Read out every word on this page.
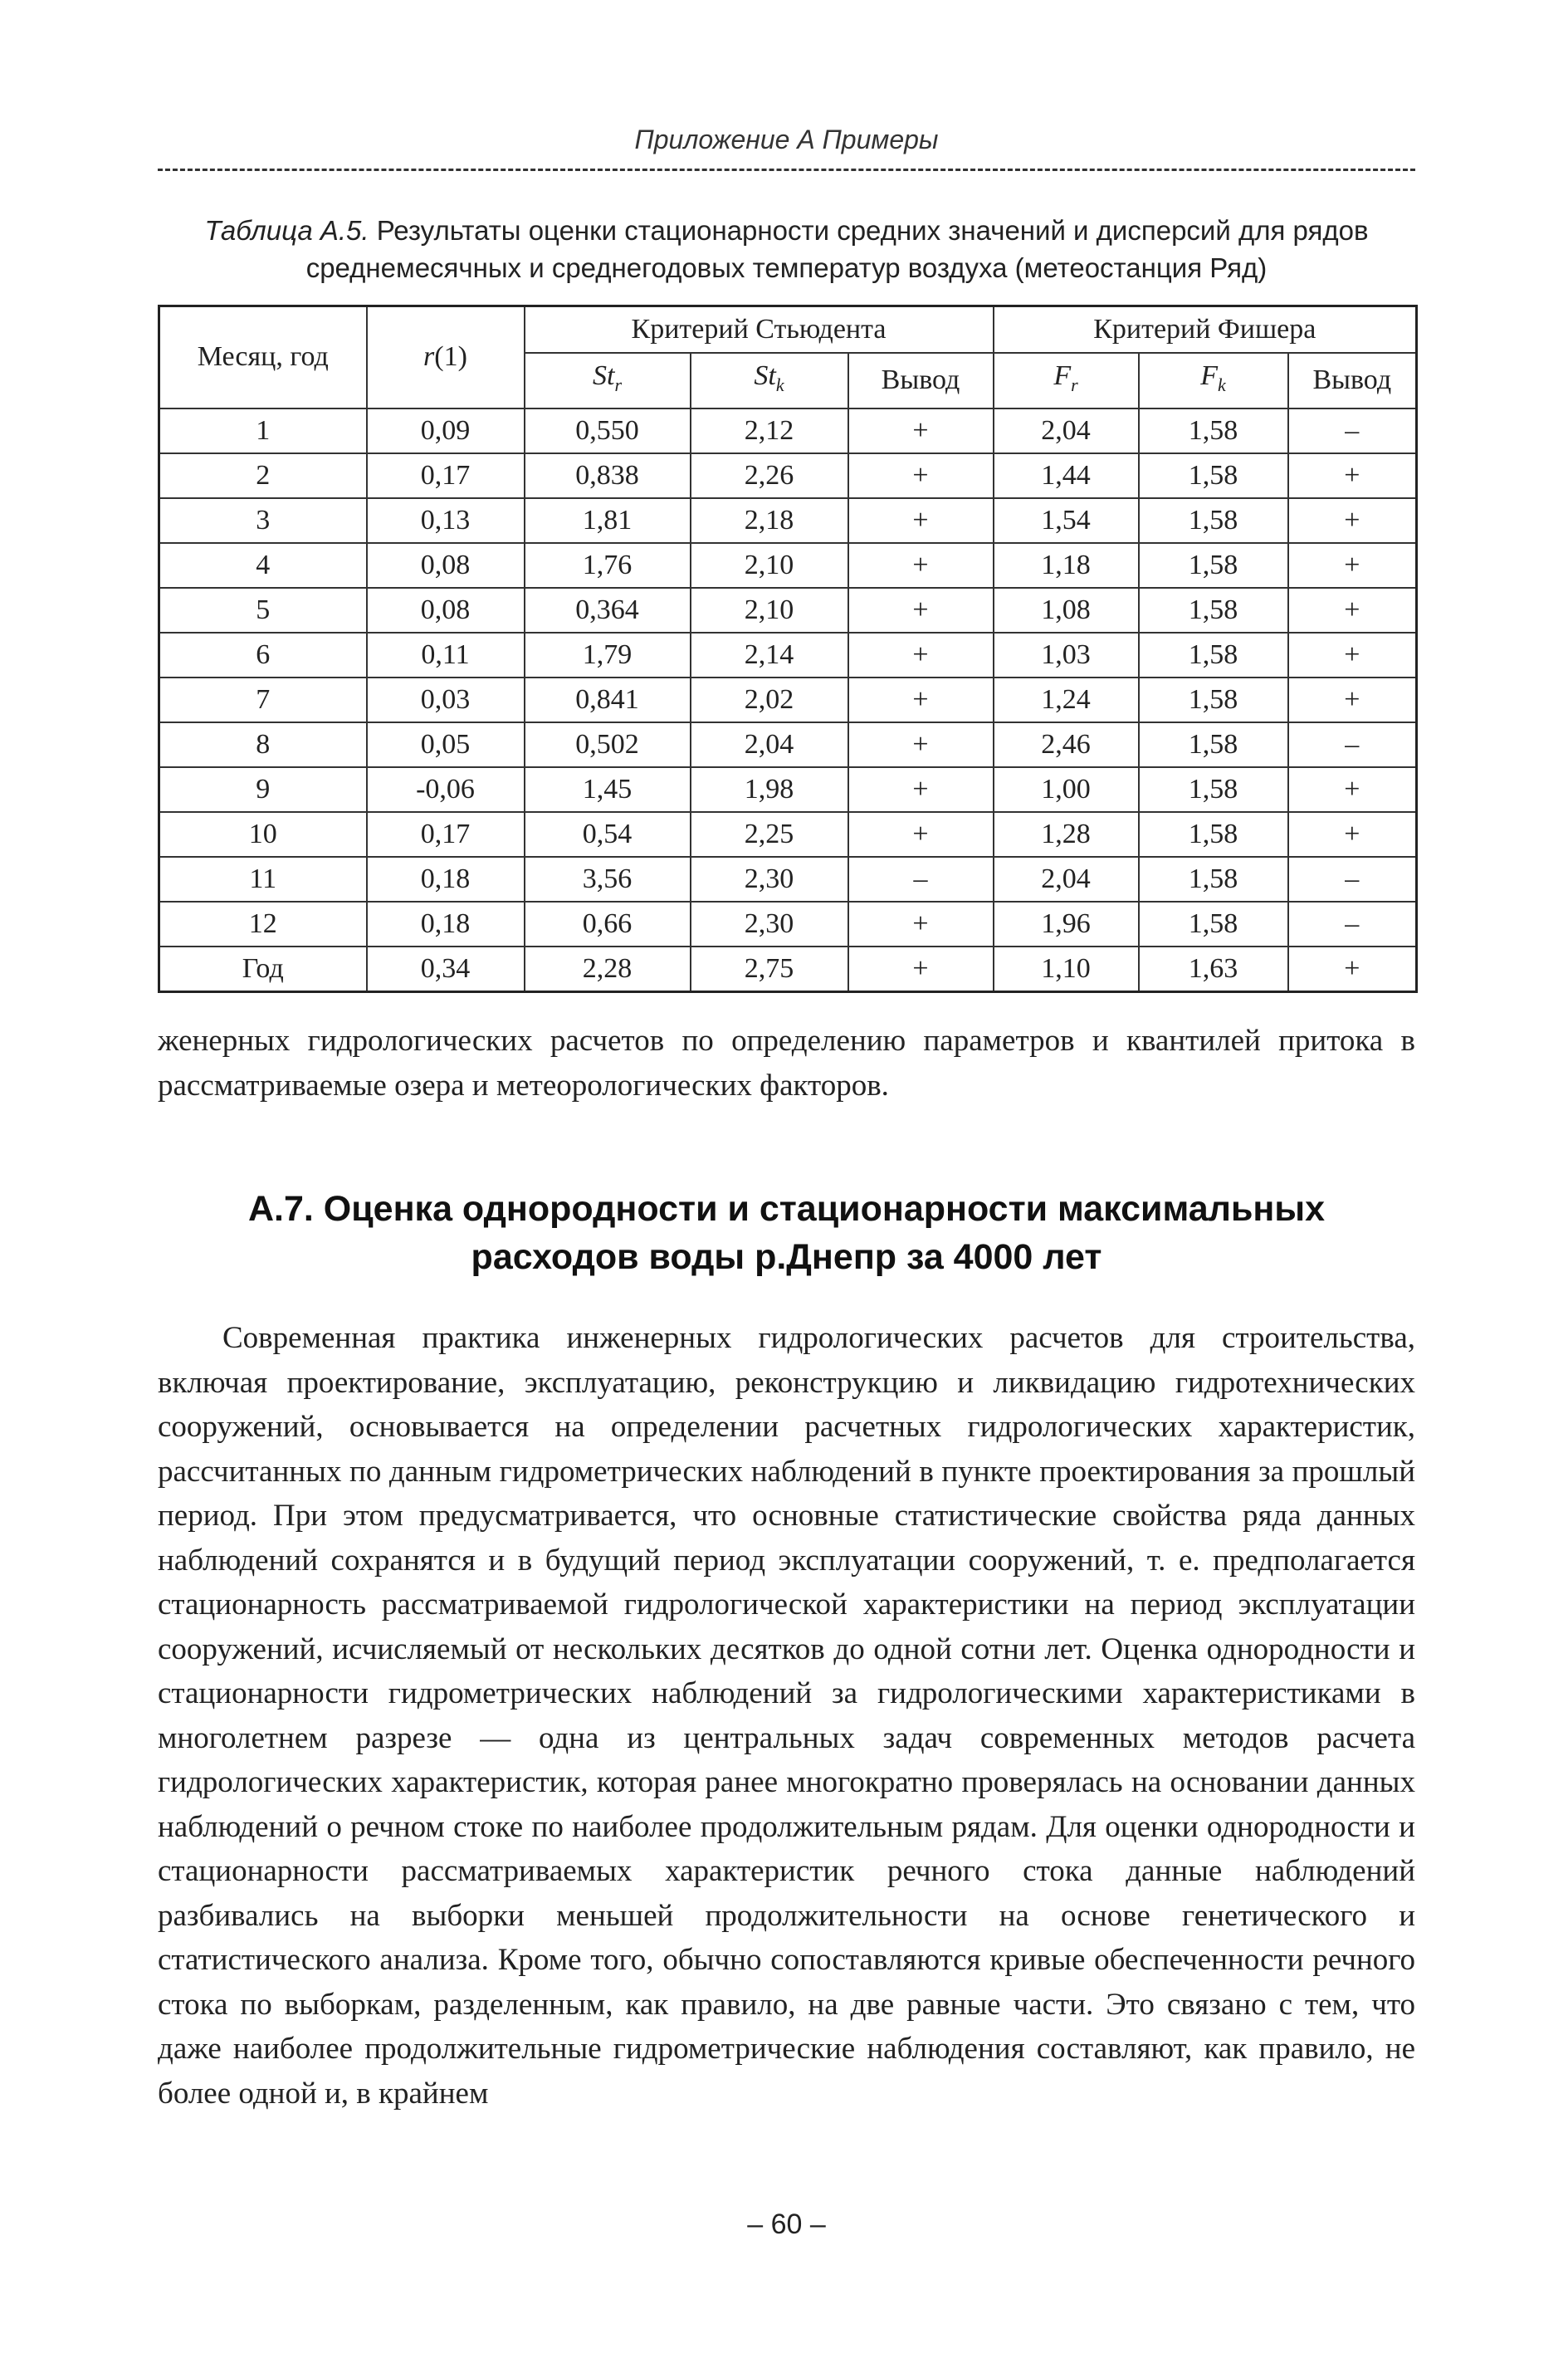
Приложение А Примеры
Таблица А.5. Результаты оценки стационарности средних значений и дисперсий для рядов среднемесячных и среднегодовых температур воздуха (метеостанция Ряд)
Месяц, год	r(1)	Критерий Стьюдента			Критерий Фишера		
		$St_r$	$St_k$	Вывод	$F_r$	$F_k$	Вывод
1	0,09	0,550	2,12	+	2,04	1,58	–
2	0,17	0,838	2,26	+	1,44	1,58	+
3	0,13	1,81	2,18	+	1,54	1,58	+
4	0,08	1,76	2,10	+	1,18	1,58	+
5	0,08	0,364	2,10	+	1,08	1,58	+
6	0,11	1,79	2,14	+	1,03	1,58	+
7	0,03	0,841	2,02	+	1,24	1,58	+
8	0,05	0,502	2,04	+	2,46	1,58	–
9	-0,06	1,45	1,98	+	1,00	1,58	+
10	0,17	0,54	2,25	+	1,28	1,58	+
11	0,18	3,56	2,30	–	2,04	1,58	–
12	0,18	0,66	2,30	+	1,96	1,58	–
Год	0,34	2,28	2,75	+	1,10	1,63	+
женерных гидрологических расчетов по определению параметров и квантилей притока в рассматриваемые озера и метеорологических факторов.
А.7. Оценка однородности и стационарности максимальных
расходов воды р.Днепр за 4000 лет
Современная практика инженерных гидрологических расчетов для строительства, включая проектирование, эксплуатацию, реконструкцию и ликвидацию гидротехнических сооружений, основывается на определении расчетных гидрологических характеристик, рассчитанных по данным гидрометрических наблюдений в пункте проектирования за прошлый период. При этом предусматривается, что основные статистические свойства ряда данных наблюдений сохранятся и в будущий период эксплуатации сооружений, т. е. предполагается стационарность рассматриваемой гидрологической характеристики на период эксплуатации сооружений, исчисляемый от нескольких десятков до одной сотни лет. Оценка однородности и стационарности гидрометрических наблюдений за гидрологическими характеристиками в многолетнем разрезе — одна из центральных задач современных методов расчета гидрологических характеристик, которая ранее многократно проверялась на основании данных наблюдений о речном стоке по наиболее продолжительным рядам. Для оценки однородности и стационарности рассматриваемых характеристик речного стока данные наблюдений разбивались на выборки меньшей продолжительности на основе генетического и статистического анализа. Кроме того, обычно сопоставляются кривые обеспеченности речного стока по выборкам, разделенным, как правило, на две равные части. Это связано с тем, что даже наиболее продолжительные гидрометрические наблюдения составляют, как правило, не более одной и, в крайнем
– 60 –
